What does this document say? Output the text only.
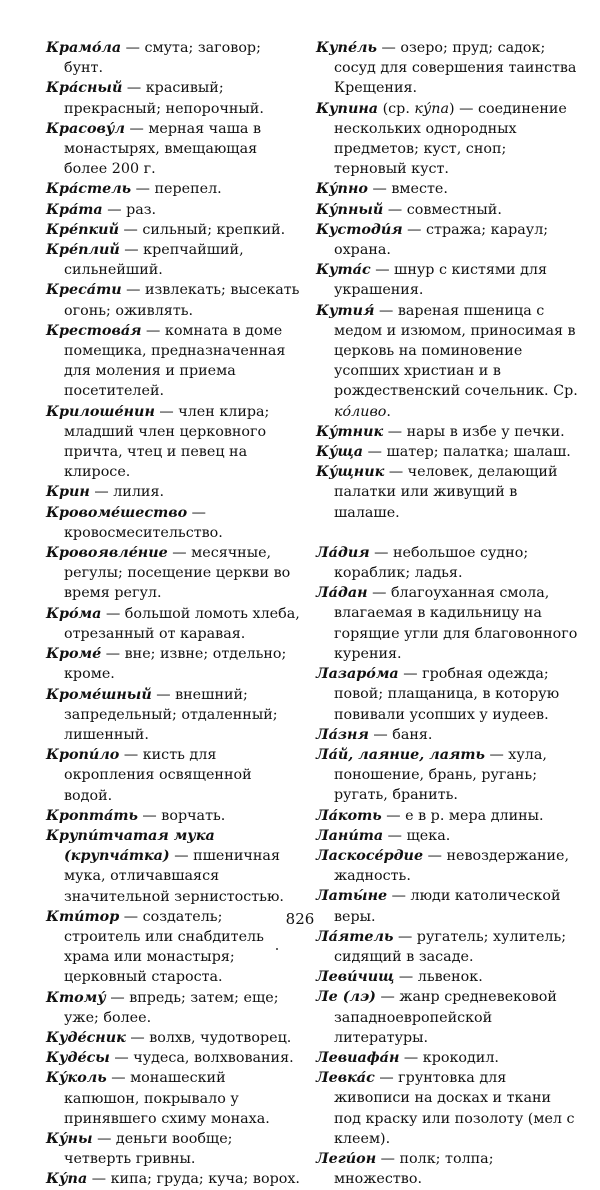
Крамо́ла — смута; заговор; бунт.

Кра́сный — красивый; прекрасный; непорочный.

Красову́л — мерная чаша в монастырях, вмещающая более 200 г.

Кра́стель — перепел.

Кра́та — раз.

Кре́пкий — сильный; крепкий.

Кре́плий — крепчайший, сильнейший.

Креса́ти — извлекать; высекать огонь; оживлять.

Крестова́я — комната в доме помещика, предназначенная для моления и приема посетителей.

Крилоше́нин — член клира; младший член церковного причта, чтец и певец на клиросе.

Крин — лилия.

Кровоме́шество — кровосмесительство.

Кровоявле́ние — месячные, регулы; посещение церкви во время регул.

Кро́ма — большой ломоть хлеба, отрезанный от каравая.

Кроме́ — вне; извне; отдельно; кроме.

Кроме́шный — внешний; запредельный; отдаленный; лишенный.

Кропи́ло — кисть для окропления освященной водой.

Кропта́ть — ворчать.

Крупи́тчатая мука (крупча́тка) — пшеничная мука, отличавшаяся значительной зернистостью.

Кти́тор — создатель; строитель или снабдитель храма или монастыря; церковный староста.

Ктому́ — впредь; затем; еще; уже; более.

Куде́сник — волхв, чудотворец.

Куде́сы — чудеса, волхвования.

Ку́коль — монашеский капюшон, покрывало у принявшего схиму монаха.

Ку́ны — деньги вообще; четверть гривны.

Ку́па — кипа; груда; куча; ворох.

Купе́ль — озеро; пруд; садок; сосуд для совершения таинства Крещения.

Купина (ср. ку́па) — соединение нескольких однородных предметов; куст, сноп; терновый куст.

Ку́пно — вместе.

Ку́пный — совместный.

Кустоди́я — стража; караул; охрана.

Кута́с — шнур с кистями для украшения.

Кутия́ — вареная пшеница с медом и изюмом, приносимая в церковь на поминовение усопших христиан и в рождественский сочельник. Ср. ко́ливо.

Ку́тник — нары в избе у печки.

Ку́ща — шатер; палатка; шалаш.

Ку́щник — человек, делающий палатки или живущий в шалаше.

Ла́дия — небольшое судно; кораблик; ладья.

Ла́дан — благоуханная смола, влагаемая в кадильницу на горящие угли для благовонного курения.

Лазаро́ма — гробная одежда; повой; плащаница, в которую повивали усопших у иудеев.

Ла́зня — баня.

Ла́й, лаяние, лаять — хула, поношение, брань, ругань; ругать, бранить.

Ла́коть — е в р. мера длины.

Лани́та — щека.

Ласкосе́рдие — невоздержание, жадность.

Латы́не — люди католической веры.

Ла́ятель — ругатель; хулитель; сидящий в засаде.

Леви́чищ — львенок.

Ле (лэ) — жанр средневековой западноевропейской литературы.

Левиафа́н — крокодил.

Левка́с — грунтовка для живописи на досках и ткани под краску или позолоту (мел с клеем).

Леги́он — полк; толпа; множество.

826
